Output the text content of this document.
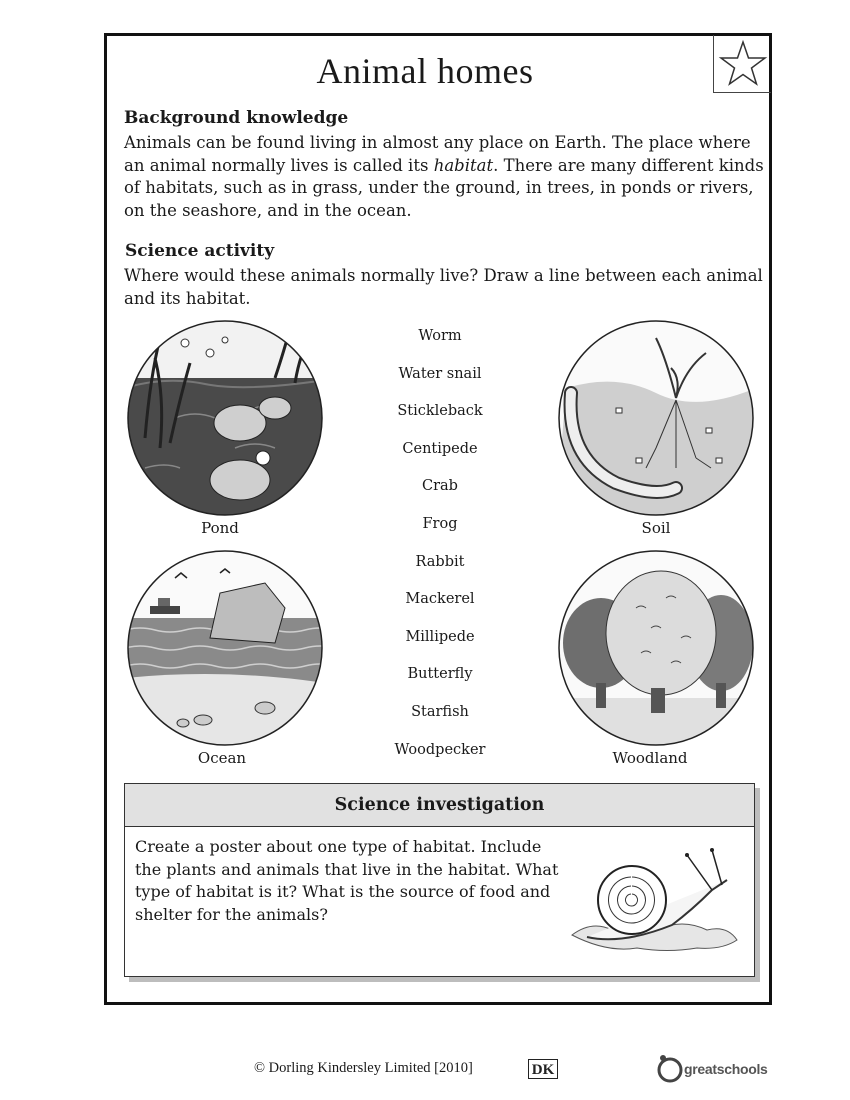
Animal homes
Background knowledge
Animals can be found living in almost any place on Earth. The place where an animal normally lives is called its habitat. There are many different kinds of habitats, such as in grass, under the ground, in trees, in ponds or rivers, on the seashore, and in the ocean.
Science activity
Where would these animals normally live? Draw a line between each animal and its habitat.
Pond	Soil
Ocean	Woodland
Worm
Water snail
Stickleback
Centipede
Crab
Frog
Rabbit
Mackerel
Millipede
Butterfly
Starfish
Woodpecker
Science investigation
Create a poster about one type of habitat. Include the plants and animals that live in the habitat. What type of habitat is it? What is the source of food and shelter for the animals?
© Dorling Kindersley Limited [2010]	DK	greatschools
